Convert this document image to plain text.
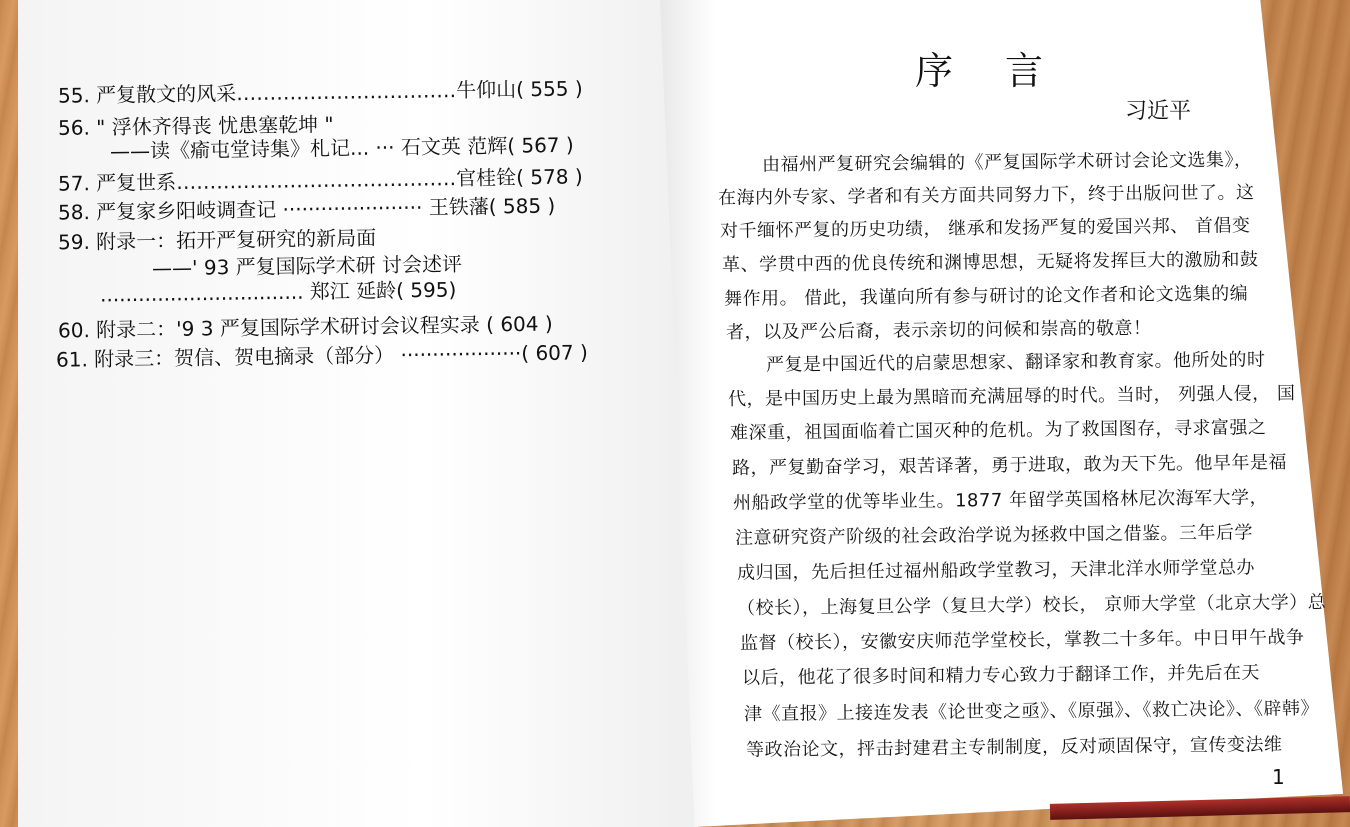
55. 严复散文的风采……………………………牛仰山( 555 )
56. " 浮休齐得丧 忧患塞乾坤 "
——读《瘉屯堂诗集》札记... ··· 石文英 范辉( 567 )
57. 严复世系……………………………………官桂铨( 578 )
58. 严复家乡阳岐调查记 ······················ 王铁藩( 585 )
59. 附录一：拓开严复研究的新局面
——' 93 严复国际学术研 讨会述评
................................ 郑江 延龄( 595)
60. 附录二：'9 3 严复国际学术研讨会议程实录 ( 604 )
61. 附录三：贺信、贺电摘录（部分） ···················( 607 )
序言
习近平
由福州严复研究会编辑的《严复国际学术研讨会论文选集》，
在海内外专家、学者和有关方面共同努力下，终于出版问世了。这
对千缅怀严复的历史功绩， 继承和发扬严复的爱国兴邦、 首倡变
革、学贯中西的优良传统和渊博思想，无疑将发挥巨大的激励和鼓
舞作用。 借此，我谨向所有参与研讨的论文作者和论文选集的编
者，以及严公后裔，表示亲切的问候和崇高的敬意！
严复是中国近代的启蒙思想家、翻译家和教育家。他所处的时
代，是中国历史上最为黑暗而充满屈辱的时代。当时， 列强人侵， 国
难深重，祖国面临着亡国灭种的危机。为了救国图存，寻求富强之
路，严复勤奋学习，艰苦译著，勇于进取，敢为天下先。他早年是福
州船政学堂的优等毕业生。1877 年留学英国格林尼次海军大学，
注意研究资产阶级的社会政治学说为拯救中国之借鉴。三年后学
成归国，先后担任过福州船政学堂教习，天津北洋水师学堂总办
（校长），上海复旦公学（复旦大学）校长， 京师大学堂（北京大学）总
监督（校长），安徽安庆师范学堂校长，掌教二十多年。中日甲午战争
以后，他花了很多时间和精力专心致力于翻译工作，并先后在天
津《直报》上接连发表《论世变之亟》、《原强》、《救亡决论》、《辟韩》
等政治论文，抨击封建君主专制制度，反对顽固保守，宣传变法维
1
